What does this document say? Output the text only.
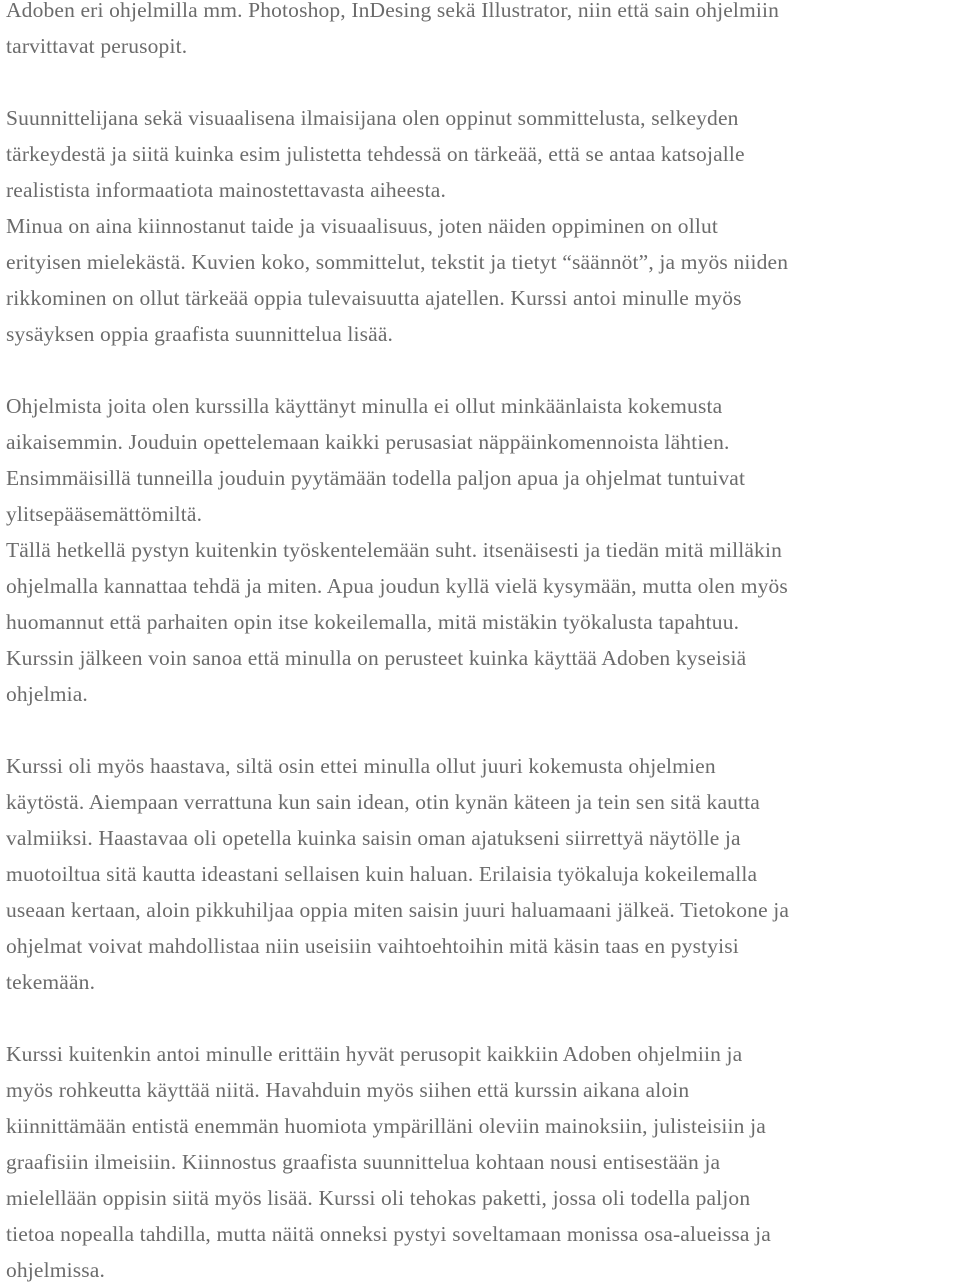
Adoben eri ohjelmilla mm. Photoshop, InDesing sekä Illustrator, niin että sain ohjelmiin
tarvittavat perusopit.

Suunnittelijana sekä visuaalisena ilmaisijana olen oppinut sommittelusta, selkeyden
tärkeydestä ja siitä kuinka esim julistetta tehdessä on tärkeää, että se antaa katsojalle
realistista informaatiota mainostettavasta aiheesta.
Minua on aina kiinnostanut taide ja visuaalisuus, joten näiden oppiminen on ollut
erityisen mielekästä. Kuvien koko, sommittelut, tekstit ja tietyt “säännöt”, ja myös niiden
rikkominen on ollut tärkeää oppia tulevaisuutta ajatellen. Kurssi antoi minulle myös
sysäyksen oppia graafista suunnittelua lisää.

Ohjelmista joita olen kurssilla käyttänyt minulla ei ollut minkäänlaista kokemusta
aikaisemmin. Jouduin opettelemaan kaikki perusasiat näppäinkomennoista lähtien.
Ensimmäisillä tunneilla jouduin pyytämään todella paljon apua ja ohjelmat tuntuivat
ylitsepääsemättömiltä.
Tällä hetkellä pystyn kuitenkin työskentelemään suht. itsenäisesti ja tiedän mitä milläkin
ohjelmalla kannattaa tehdä ja miten. Apua joudun kyllä vielä kysymään, mutta olen myös
huomannut että parhaiten opin itse kokeilemalla, mitä mistäkin työkalusta tapahtuu.
Kurssin jälkeen voin sanoa että minulla on perusteet kuinka käyttää Adoben kyseisiä
ohjelmia.

Kurssi oli myös haastava, siltä osin ettei minulla ollut juuri kokemusta ohjelmien
käytöstä. Aiempaan verrattuna kun sain idean, otin kynän käteen ja tein sen sitä kautta
valmiiksi. Haastavaa oli opetella kuinka saisin oman ajatukseni siirrettyä näytölle ja
muotoiltua sitä kautta ideastani sellaisen kuin haluan. Erilaisia työkaluja kokeilemalla
useaan kertaan, aloin pikkuhiljaa oppia miten saisin juuri haluamaani jälkeä. Tietokone ja
ohjelmat voivat mahdollistaa niin useisiin vaihtoehtoihin mitä käsin taas en pystyisi
tekemään.

Kurssi kuitenkin antoi minulle erittäin hyvät perusopit kaikkiin Adoben ohjelmiin ja
myös rohkeutta käyttää niitä. Havahduin myös siihen että kurssin aikana aloin
kiinnittämään entistä enemmän huomiota ympärilläni oleviin mainoksiin, julisteisiin ja
graafisiin ilmeisiin. Kiinnostus graafista suunnittelua kohtaan nousi entisestään ja
mielellään oppisin siitä myös lisää. Kurssi oli tehokas paketti, jossa oli todella paljon
tietoa nopealla tahdilla, mutta näitä onneksi pystyi soveltamaan monissa osa-alueissa ja
ohjelmissa.
